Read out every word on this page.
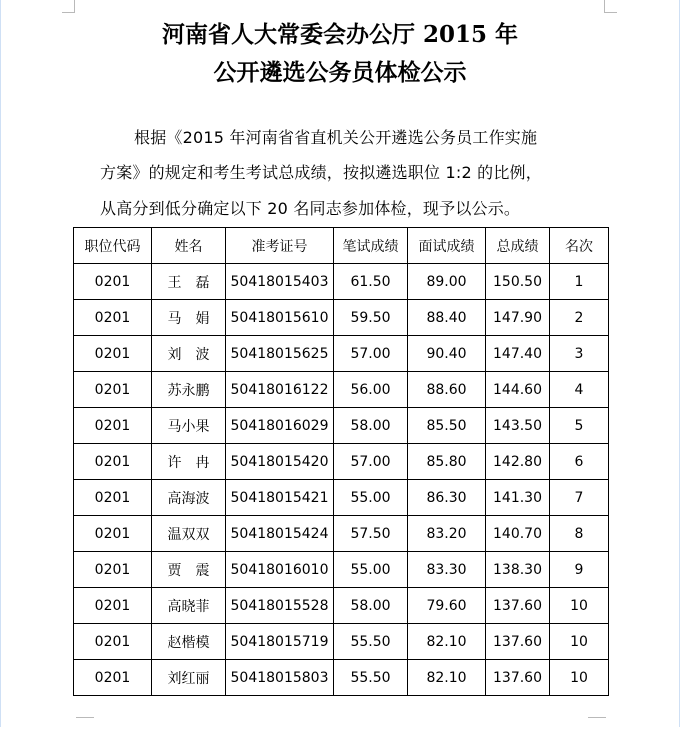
河南省人大常委会办公厅 2015 年
公开遴选公务员体检公示
根据《2015 年河南省省直机关公开遴选公务员工作实施
方案》的规定和考生考试总成绩，按拟遴选职位 1:2 的比例，
从高分到低分确定以下 20 名同志参加体检，现予以公示。
职位代码	姓名	准考证号	笔试成绩	面试成绩	总成绩	名次
0201	王　磊	50418015403	61.50	89.00	150.50	1
0201	马　娟	50418015610	59.50	88.40	147.90	2
0201	刘　波	50418015625	57.00	90.40	147.40	3
0201	苏永鹏	50418016122	56.00	88.60	144.60	4
0201	马小果	50418016029	58.00	85.50	143.50	5
0201	许　冉	50418015420	57.00	85.80	142.80	6
0201	高海波	50418015421	55.00	86.30	141.30	7
0201	温双双	50418015424	57.50	83.20	140.70	8
0201	贾　震	50418016010	55.00	83.30	138.30	9
0201	高晓菲	50418015528	58.00	79.60	137.60	10
0201	赵楷模	50418015719	55.50	82.10	137.60	10
0201	刘红丽	50418015803	55.50	82.10	137.60	10
